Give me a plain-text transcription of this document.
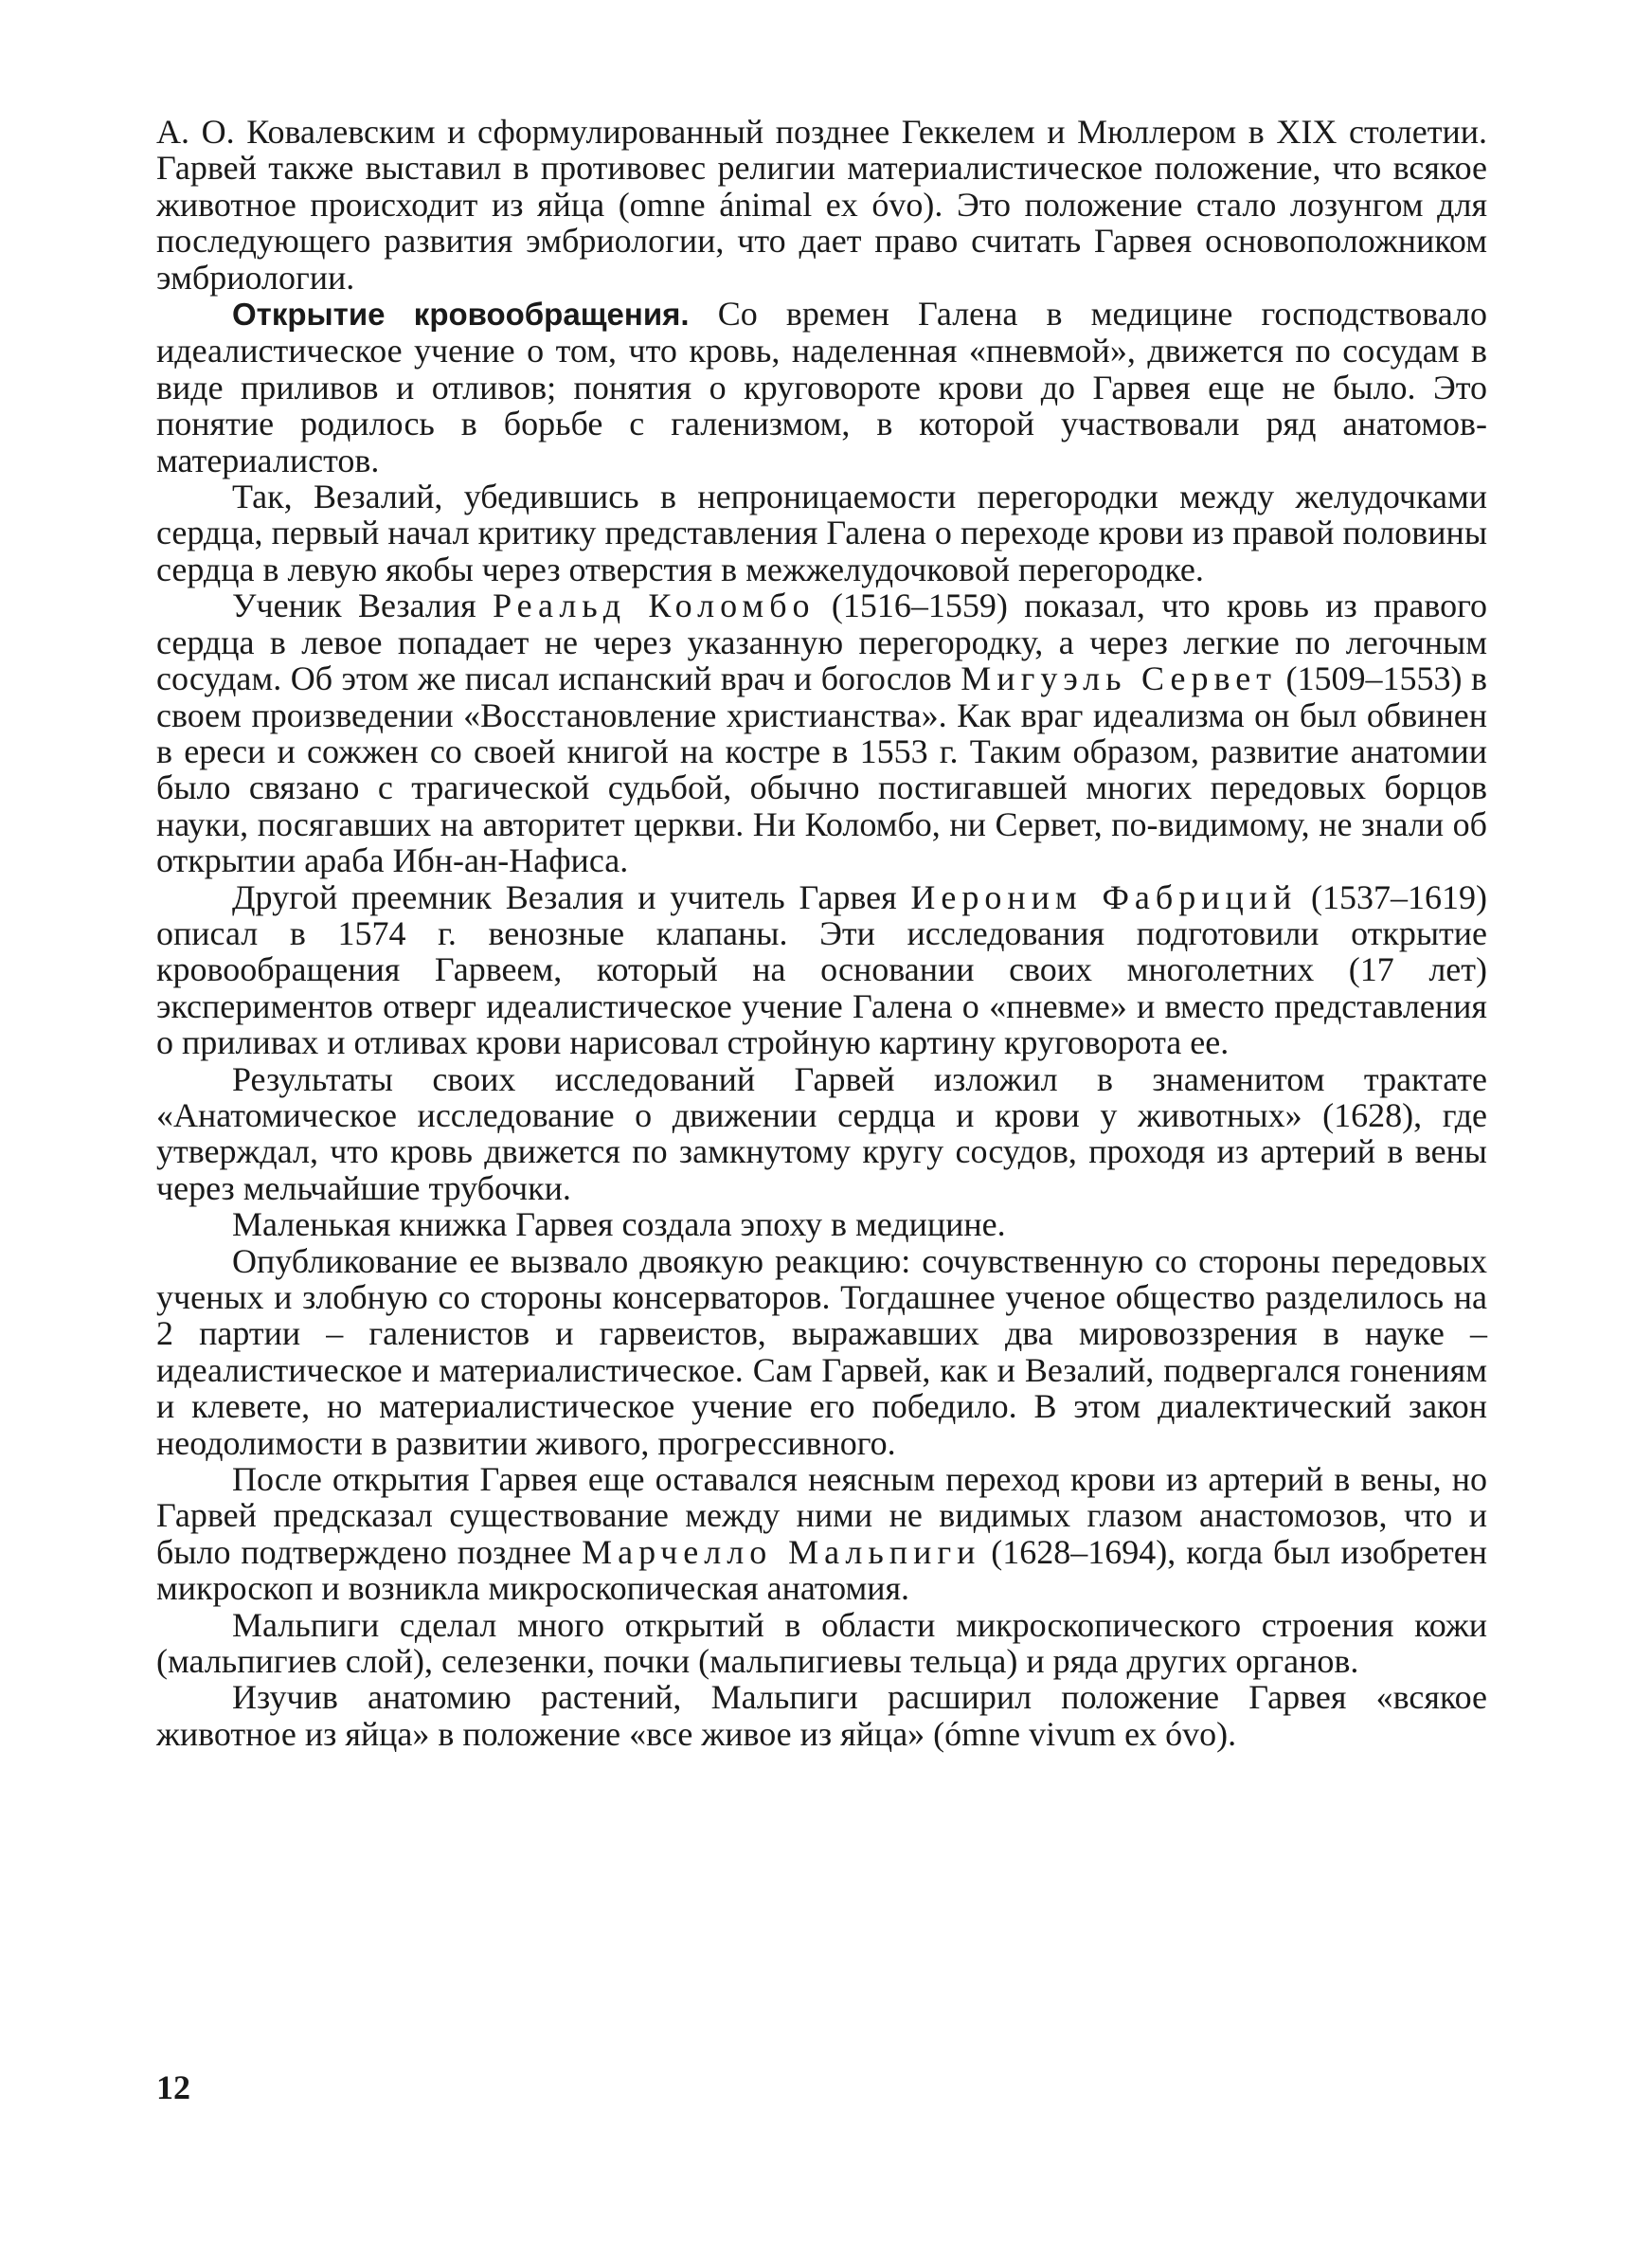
А. О. Ковалевским и сформулированный позднее Геккелем и Мюллером в XIX столетии. Гарвей также выставил в противовес религии материалистическое положение, что всякое животное происходит из яйца (omne ánimal ex óvo). Это положение стало лозунгом для последующего развития эмбриологии, что дает право считать Гарвея основоположником эмбриологии.

Открытие кровообращения. Со времен Галена в медицине господствовало идеалистическое учение о том, что кровь, наделенная «пневмой», движется по сосудам в виде приливов и отливов; понятия о круговороте крови до Гарвея еще не было. Это понятие родилось в борьбе с галенизмом, в которой участвовали ряд анатомов-материалистов.

Так, Везалий, убедившись в непроницаемости перегородки между желудочками сердца, первый начал критику представления Галена о переходе крови из правой половины сердца в левую якобы через отверстия в межжелудочковой перегородке.

Ученик Везалия Реальд Коломбо (1516–1559) показал, что кровь из правого сердца в левое попадает не через указанную перегородку, а через легкие по легочным сосудам. Об этом же писал испанский врач и богослов Мигуэль Сервет (1509–1553) в своем произведении «Восстановление христианства». Как враг идеализма он был обвинен в ереси и сожжен со своей книгой на костре в 1553 г. Таким образом, развитие анатомии было связано с трагической судьбой, обычно постигавшей многих передовых борцов науки, посягавших на авторитет церкви. Ни Коломбо, ни Сервет, по-видимому, не знали об открытии араба Ибн-ан-Нафиса.

Другой преемник Везалия и учитель Гарвея Иероним Фабриций (1537–1619) описал в 1574 г. венозные клапаны. Эти исследования подготовили открытие кровообращения Гарвеем, который на основании своих многолетних (17 лет) экспериментов отверг идеалистическое учение Галена о «пневме» и вместо представления о приливах и отливах крови нарисовал стройную картину круговорота ее.

Результаты своих исследований Гарвей изложил в знаменитом трактате «Анатомическое исследование о движении сердца и крови у животных» (1628), где утверждал, что кровь движется по замкнутому кругу сосудов, проходя из артерий в вены через мельчайшие трубочки.

Маленькая книжка Гарвея создала эпоху в медицине.

Опубликование ее вызвало двоякую реакцию: сочувственную со стороны передовых ученых и злобную со стороны консерваторов. Тогдашнее ученое общество разделилось на 2 партии – галенистов и гарвеистов, выражавших два мировоззрения в науке – идеалистическое и материалистическое. Сам Гарвей, как и Везалий, подвергался гонениям и клевете, но материалистическое учение его победило. В этом диалектический закон неодолимости в развитии живого, прогрессивного.

После открытия Гарвея еще оставался неясным переход крови из артерий в вены, но Гарвей предсказал существование между ними не видимых глазом анастомозов, что и было подтверждено позднее Марчелло Мальпиги (1628–1694), когда был изобретен микроскоп и возникла микроскопическая анатомия.

Мальпиги сделал много открытий в области микроскопического строения кожи (мальпигиев слой), селезенки, почки (мальпигиевы тельца) и ряда других органов.

Изучив анатомию растений, Мальпиги расширил положение Гарвея «всякое животное из яйца» в положение «все живое из яйца» (ómne vivum ex óvo).

12
